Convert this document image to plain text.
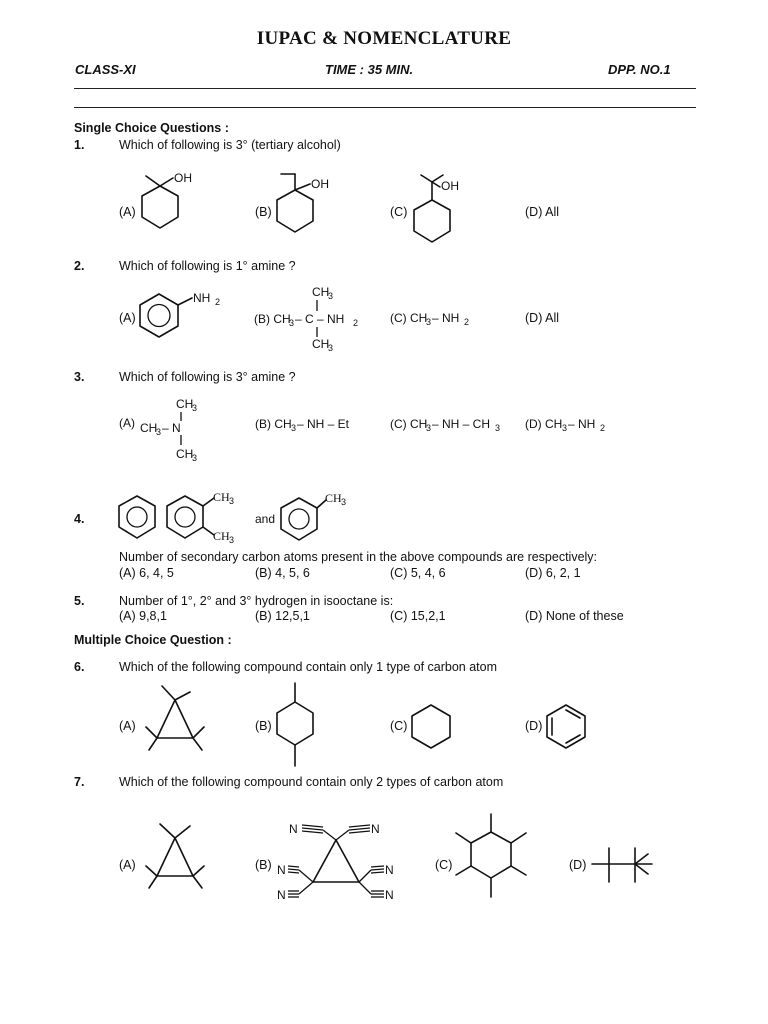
IUPAC & NOMENCLATURE
CLASS-XI	TIME : 35 MIN.	DPP. NO.1
Single Choice Questions :
1.	Which of following is 3° (tertiary alcohol)
(A)	(B)	(C)	(D) All
OH	OH	OH
2.	Which of following is 1° amine ?
(A)
NH 2
(B) CH
3 – C – NH 2
CH
3
CH
3
(C) CH
3 – NH 2	(D) All
3.	Which of following is 3° amine ?
(A) CH
3 – N
CH
3
CH
3
(B) CH 3 – NH – Et	(C) CH
3 – NH – CH 3 (D) CH 3 – NH 2
4.
CH 3
CH 3
and
CH 3
Number of secondary carbon atoms present in the above compounds are respectively:
(A) 6, 4, 5	(B) 4, 5, 6	(C) 5, 4, 6	(D) 6, 2, 1
5.	Number of 1°, 2° and 3° hydrogen in isooctane is:
(A) 9,8,1	(B) 12,5,1	(C) 15,2,1	(D) None of these
Multiple Choice Question :
6.	Which of the following compound contain only 1 type of carbon atom
(A)	(B)	(C)	(D)
7.	Which of the following compound contain only 2 types of carbon atom
(A)	(B)	(C)	(D)
N	N
N
N
N
N
